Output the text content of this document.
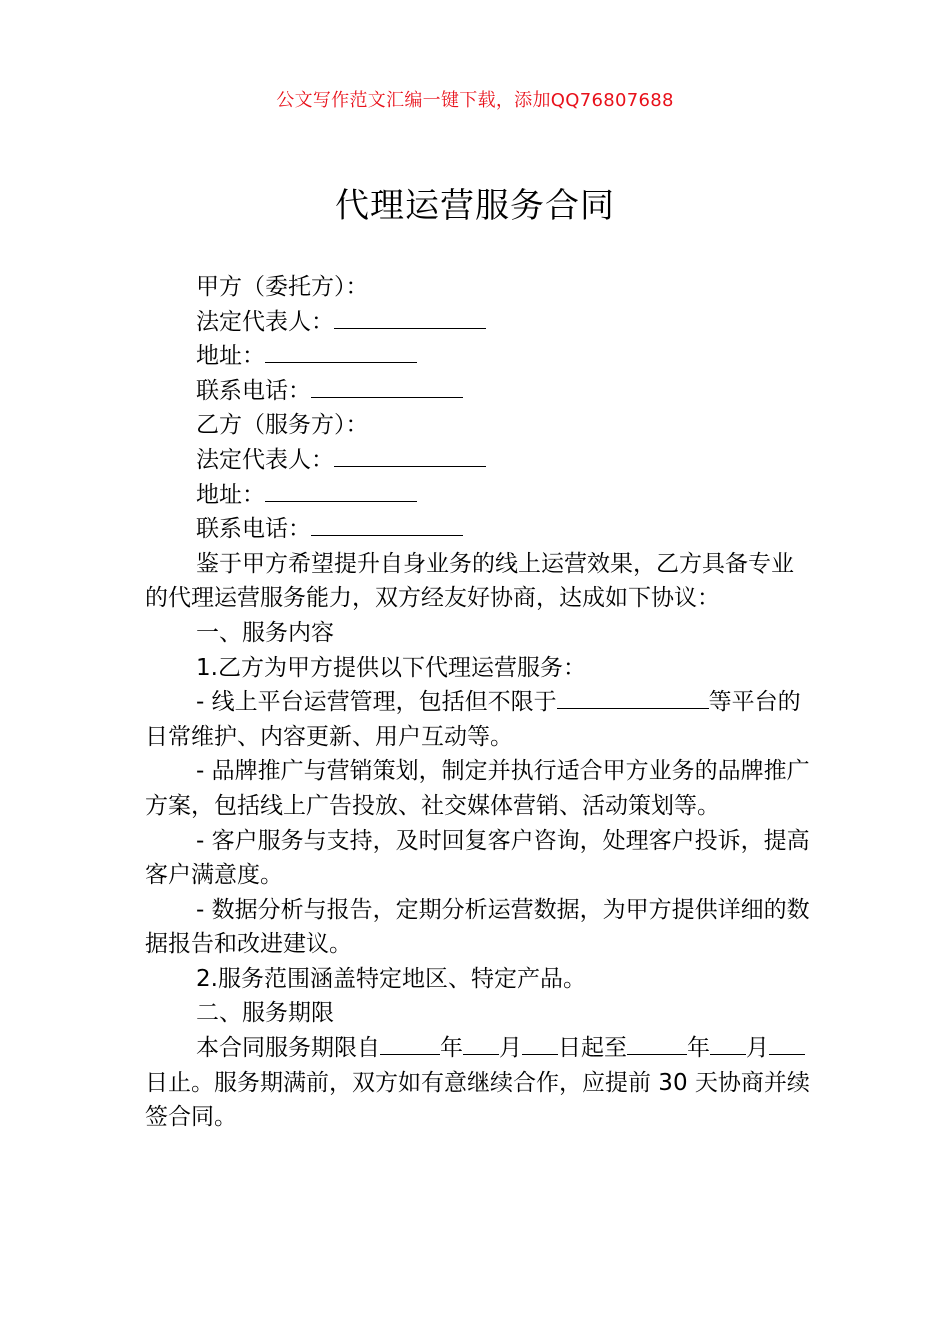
公文写作范文汇编一键下载，添加QQ76807688
代理运营服务合同

甲方（委托方）：

法定代表人：

地址：

联系电话：

乙方（服务方）：

法定代表人：

地址：

联系电话：

鉴于甲方希望提升自身业务的线上运营效果，乙方具备专业的代理运营服务能力，双方经友好协商，达成如下协议：

一、服务内容

1.乙方为甲方提供以下代理运营服务：

- 线上平台运营管理，包括但不限于	等平台的日常维护、内容更新、用户互动等。

- 品牌推广与营销策划，制定并执行适合甲方业务的品牌推广方案，包括线上广告投放、社交媒体营销、活动策划等。

- 客户服务与支持，及时回复客户咨询，处理客户投诉，提高客户满意度。

- 数据分析与报告，定期分析运营数据，为甲方提供详细的数据报告和改进建议。

2.服务范围涵盖特定地区、特定产品。

二、服务期限

本合同服务期限自	年 月 日起至	年 月日止。服务期满前，双方如有意继续合作，应提前 30 天协商并续签合同。
